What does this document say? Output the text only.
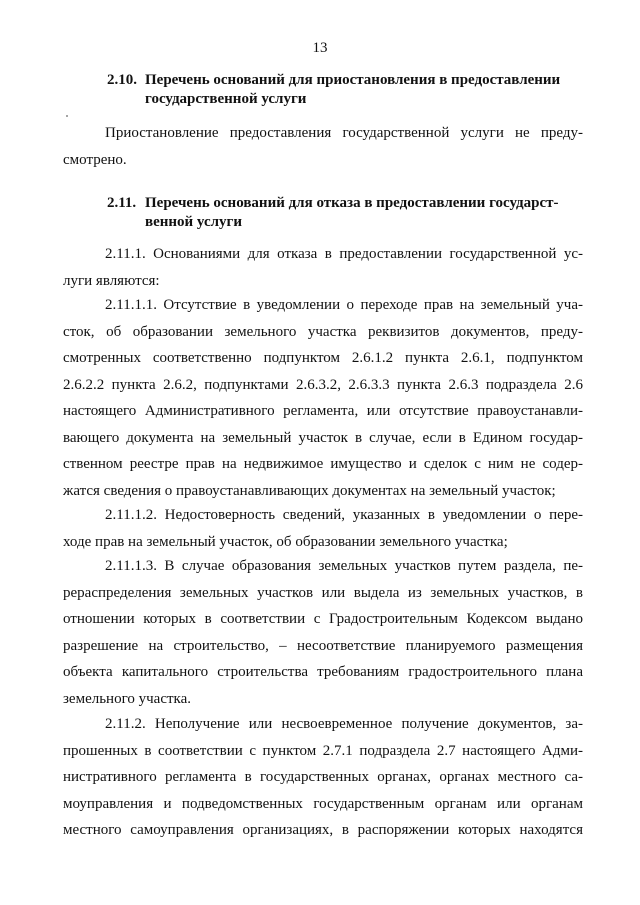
13
2.10. Перечень оснований для приостановления в предоставлении
государственной услуги
Приостановление предоставления государственной услуги не преду-
смотрено.
2.11. Перечень оснований для отказа в предоставлении государст-
венной услуги
2.11.1. Основаниями для отказа в предоставлении государственной ус-
луги являются:
2.11.1.1. Отсутствие в уведомлении о переходе прав на земельный уча-
сток, об образовании земельного участка реквизитов документов, преду-
смотренных соответственно подпунктом 2.6.1.2 пункта 2.6.1, подпунктом
2.6.2.2 пункта 2.6.2, подпунктами 2.6.3.2, 2.6.3.3 пункта 2.6.3 подраздела 2.6
настоящего Административного регламента, или отсутствие правоустанавли-
вающего документа на земельный участок в случае, если в Едином государ-
ственном реестре прав на недвижимое имущество и сделок с ним не содер-
жатся сведения о правоустанавливающих документах на земельный участок;
2.11.1.2. Недостоверность сведений, указанных в уведомлении о пере-
ходе прав на земельный участок, об образовании земельного участка;
2.11.1.3. В случае образования земельных участков путем раздела, пе-
рераспределения земельных участков или выдела из земельных участков, в
отношении которых в соответствии с Градостроительным Кодексом выдано
разрешение на строительство, – несоответствие планируемого размещения
объекта капитального строительства требованиям градостроительного плана
земельного участка.
2.11.2. Неполучение или несвоевременное получение документов, за-
прошенных в соответствии с пунктом 2.7.1 подраздела 2.7 настоящего Адми-
нистративного регламента в государственных органах, органах местного са-
моуправления и подведомственных государственным органам или органам
местного самоуправления организациях, в распоряжении которых находятся
